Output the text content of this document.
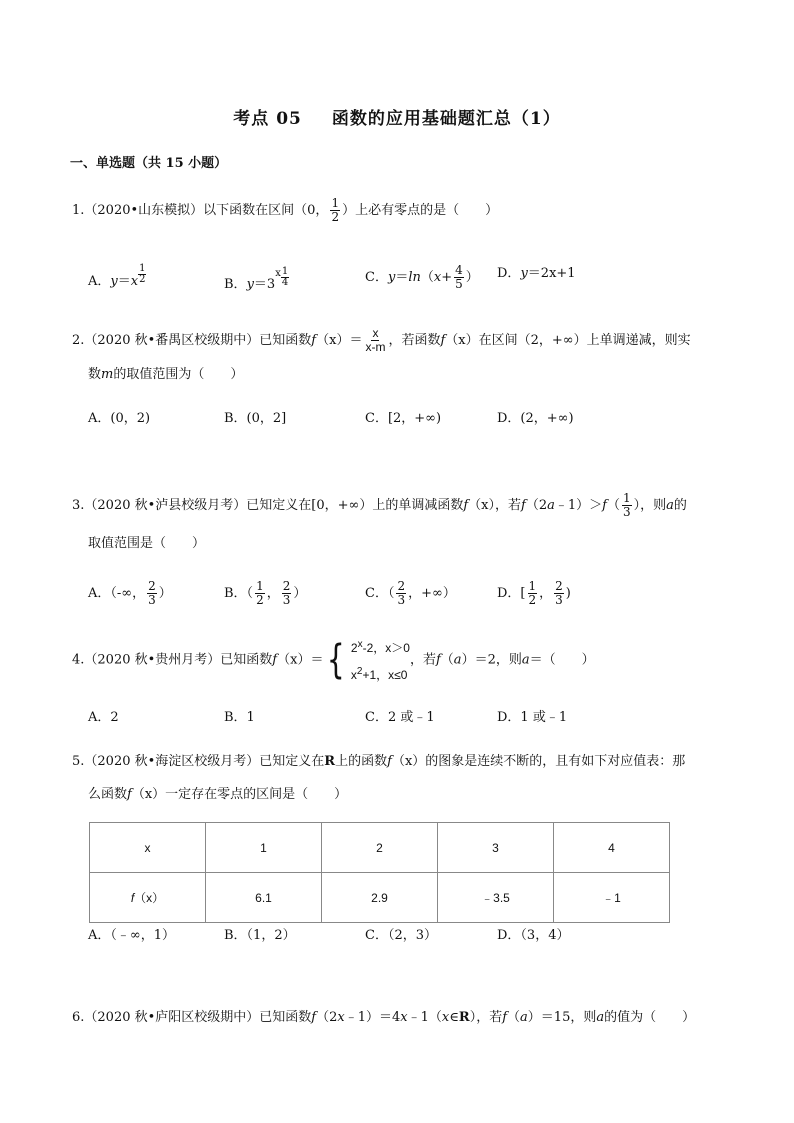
考点 05 函数的应用基础题汇总（1）
一、单选题（共 15 小题）
1.（2020•山东模拟）以下函数在区间（0， $\frac{1}{2}$ ）上必有零点的是（　　）
A．$y=x \frac{1}{2}$	B．$y=3^x \frac{1}{4}$	C．$y=\ln(x+ \frac{4}{5}$ ） D．y＝2x+1
2.（2020 秋•番禺区校级期中）已知函数$f(x)= \frac{x}{x-m}$ ，若函数f（x）在区间（2，+∞）上单调递减，则实
数m的取值范围为（　　）
A．(0，2)	B．(0，2]	C．[2，+∞)	D．(2，+∞)
3.（2020 秋•泸县校级月考）已知定义在[0，+∞）上的单调减函数f（x），若f（2a﹣1）＞f（ $\frac{1}{3}$ ），则a的
取值范围是（　　）
A．（-∞， $\frac{2}{3}$ ）	B．（ $\frac{1}{2}$ ， $\frac{2}{3}$ ）	C．（ $\frac{2}{3}$ ，+∞）	D．[ $\frac{1}{2}$ ， $\frac{2}{3}$ )
4.（2020 秋•贵州月考）已知函数f（x）＝ { 2$^x$-2，x＞0
$x^2+1$，x≤0
，若f（a）＝2，则a＝（　　）
A．2	B．1	C．2 或﹣1	D．1 或﹣1
5.（2020 秋•海淀区校级月考）已知定义在R上的函数f（x）的图象是连续不断的，且有如下对应值表：那
么函数f（x）一定存在零点的区间是（　　）
x	1	2	3	4
f（x）	6.1	2.9	﹣3.5	﹣1
A．（﹣∞，1）	B．（1，2）	C．（2，3）	D．（3，4）
6.（2020 秋•庐阳区校级期中）已知函数f（2x﹣1）＝4x﹣1（x∈R），若f（a）＝15，则a的值为（　　）
